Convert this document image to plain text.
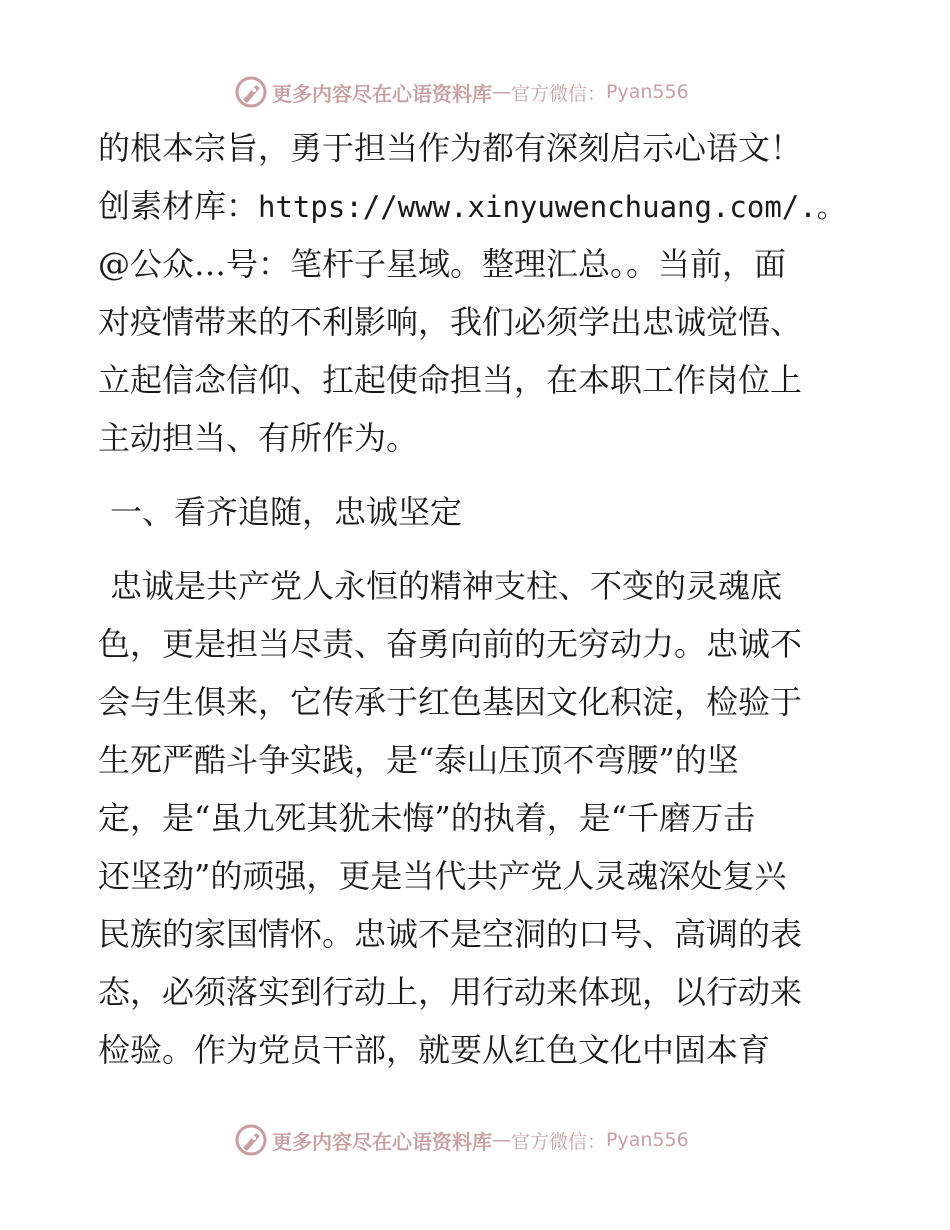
更多内容尽在心语资料库 — 官方微信： Pyan556
的根本宗旨，勇于担当作为都有深刻启示心语文！
创素材库：https://www.xinyuwenchuang.com/.。
@公众…号：笔杆子星域。整理汇总。。当前，面
对疫情带来的不利影响，我们必须学出忠诚觉悟、
立起信念信仰、扛起使命担当，在本职工作岗位上
主动担当、有所作为。
一、看齐追随，忠诚坚定
忠诚是共产党人永恒的精神支柱、不变的灵魂底
色，更是担当尽责、奋勇向前的无穷动力。忠诚不
会与生俱来，它传承于红色基因文化积淀，检验于
生死严酷斗争实践，是“泰山压顶不弯腰”的坚
定，是“虽九死其犹未悔”的执着，是“千磨万击
还坚劲”的顽强，更是当代共产党人灵魂深处复兴
民族的家国情怀。忠诚不是空洞的口号、高调的表
态，必须落实到行动上，用行动来体现，以行动来
检验。作为党员干部，就要从红色文化中固本育
更多内容尽在心语资料库 — 官方微信： Pyan556
